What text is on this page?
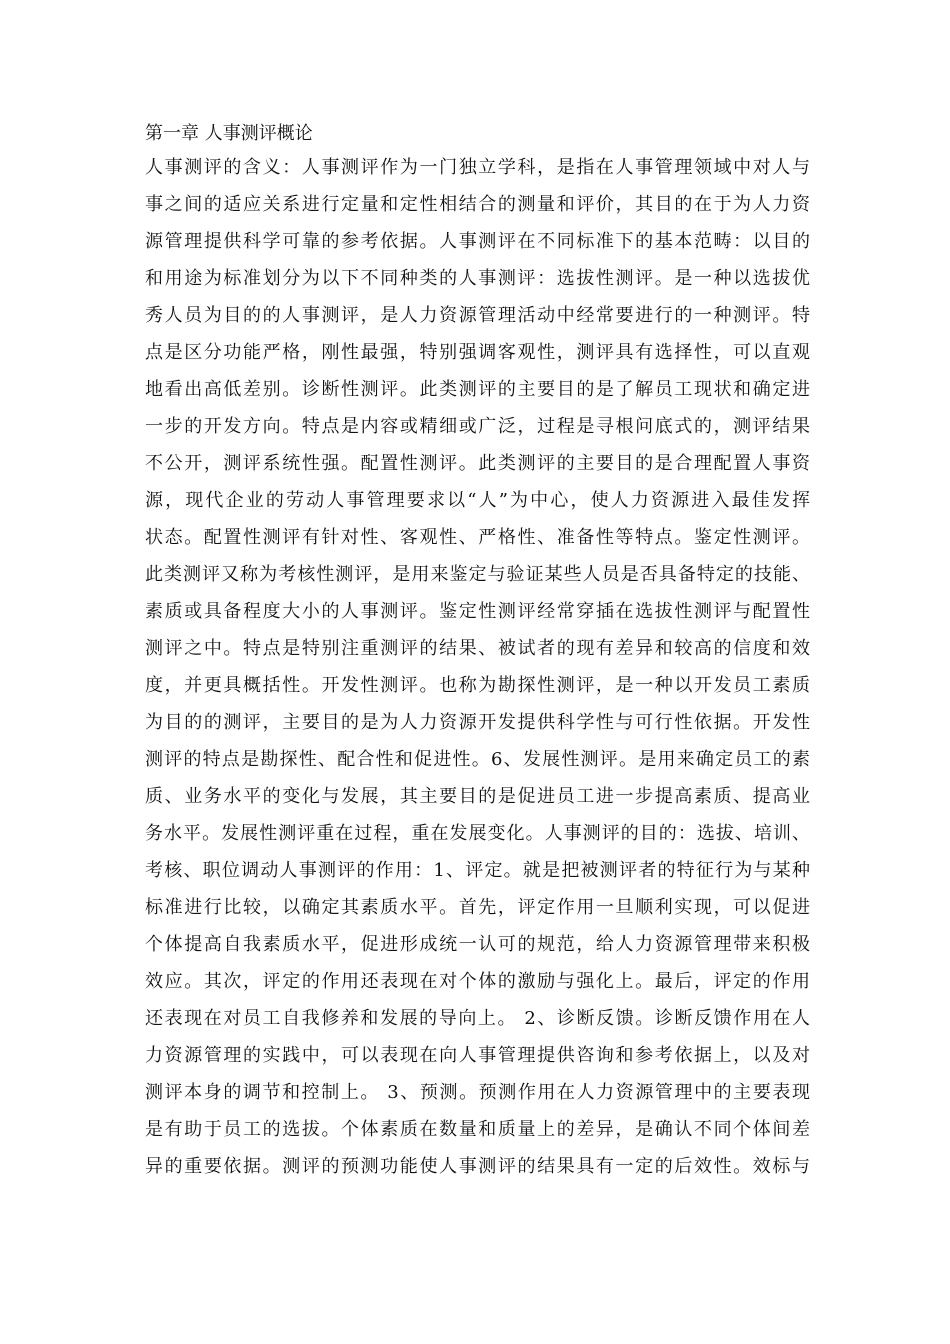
第一章 人事测评概论
人事测评的含义：人事测评作为一门独立学科，是指在人事管理领域中对人与
事之间的适应关系进行定量和定性相结合的测量和评价，其目的在于为人力资
源管理提供科学可靠的参考依据。人事测评在不同标准下的基本范畴：以目的
和用途为标准划分为以下不同种类的人事测评：选拔性测评。是一种以选拔优
秀人员为目的的人事测评，是人力资源管理活动中经常要进行的一种测评。特
点是区分功能严格，刚性最强，特别强调客观性，测评具有选择性，可以直观
地看出高低差别。诊断性测评。此类测评的主要目的是了解员工现状和确定进
一步的开发方向。特点是内容或精细或广泛，过程是寻根问底式的，测评结果
不公开，测评系统性强。配置性测评。此类测评的主要目的是合理配置人事资
源，现代企业的劳动人事管理要求以“人”为中心，使人力资源进入最佳发挥
状态。配置性测评有针对性、客观性、严格性、准备性等特点。鉴定性测评。
此类测评又称为考核性测评，是用来鉴定与验证某些人员是否具备特定的技能、
素质或具备程度大小的人事测评。鉴定性测评经常穿插在选拔性测评与配置性
测评之中。特点是特别注重测评的结果、被试者的现有差异和较高的信度和效
度，并更具概括性。开发性测评。也称为勘探性测评，是一种以开发员工素质
为目的的测评，主要目的是为人力资源开发提供科学性与可行性依据。开发性
测评的特点是勘探性、配合性和促进性。6、发展性测评。是用来确定员工的素
质、业务水平的变化与发展，其主要目的是促进员工进一步提高素质、提高业
务水平。发展性测评重在过程，重在发展变化。人事测评的目的：选拔、培训、
考核、职位调动人事测评的作用：1、评定。就是把被测评者的特征行为与某种
标准进行比较，以确定其素质水平。首先，评定作用一旦顺利实现，可以促进
个体提高自我素质水平，促进形成统一认可的规范，给人力资源管理带来积极
效应。其次，评定的作用还表现在对个体的激励与强化上。最后，评定的作用
还表现在对员工自我修养和发展的导向上。 2、诊断反馈。诊断反馈作用在人
力资源管理的实践中，可以表现在向人事管理提供咨询和参考依据上，以及对
测评本身的调节和控制上。 3、预测。预测作用在人力资源管理中的主要表现
是有助于员工的选拔。个体素质在数量和质量上的差异，是确认不同个体间差
异的重要依据。测评的预测功能使人事测评的结果具有一定的后效性。效标与
